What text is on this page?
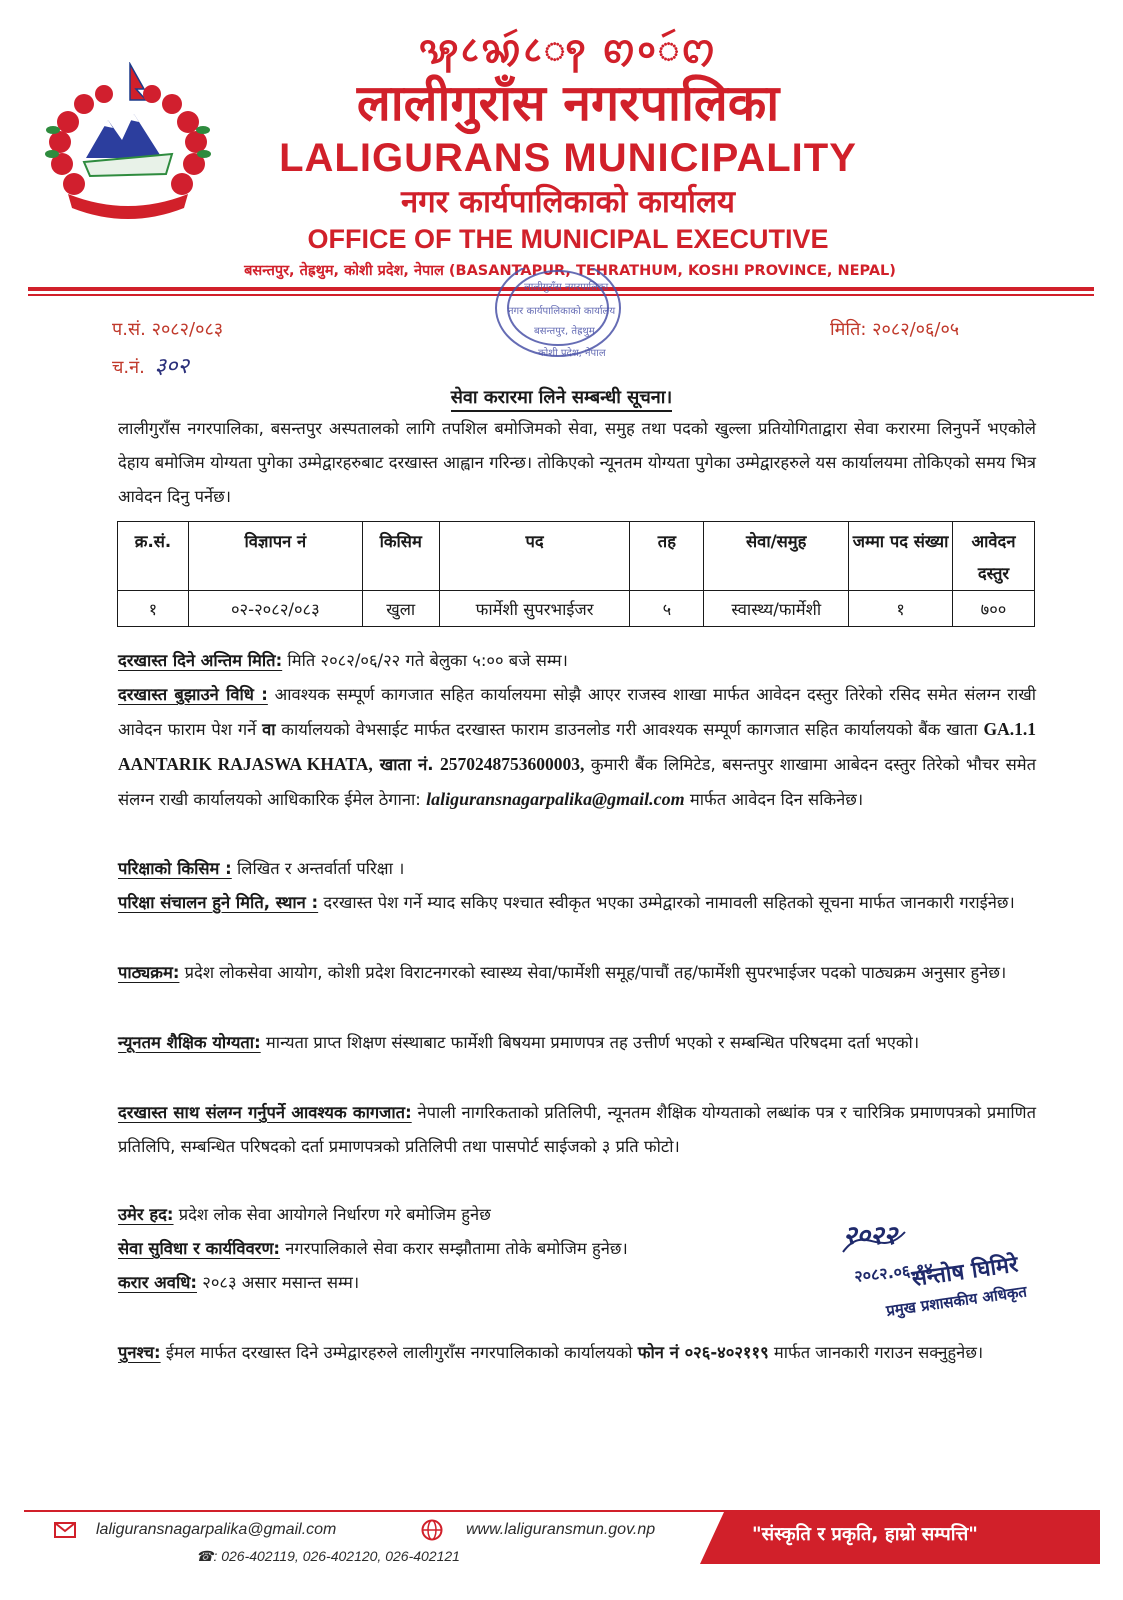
ꩂ८ꩆꩃ८ꩍ ꩅ०ꩃꩁ
लालीगुराँस नगरपालिका
LALIGURANS MUNICIPALITY
नगर कार्यपालिकाको कार्यालय
OFFICE OF THE MUNICIPAL EXECUTIVE
बसन्तपुर, तेह्रथुम, कोशी प्रदेश, नेपाल (BASANTAPUR, TEHRATHUM, KOSHI PROVINCE, NEPAL)
प.सं. २०८२/०८३
च.नं. ३०२
मिति: २०८२/०६/०५
लालीगुराँस नगरपालिका
नगर कार्यपालिकाको कार्यालय
बसन्तपुर, तेह्रथुम
कोशी प्रदेश, नेपाल
सेवा करारमा लिने सम्बन्धी सूचना।

लालीगुराँस नगरपालिका, बसन्तपुर अस्पतालको लागि तपशिल बमोजिमको सेवा, समुह तथा पदको खुल्ला प्रतियोगिताद्वारा सेवा करारमा लिनुपर्ने भएकोले देहाय बमोजिम योग्यता पुगेका उम्मेद्वारहरुबाट दरखास्त आह्वान गरिन्छ। तोकिएको न्यूनतम योग्यता पुगेका उम्मेद्वारहरुले यस कार्यालयमा तोकिएको समय भित्र आवेदन दिनु पर्नेछ।

क्र.सं.	विज्ञापन नं	किसिम	पद	तह	सेवा/समुह	जम्मा पद संख्या	आवेदन दस्तुर
१	०२-२०८२/०८३	खुला	फार्मेशी सुपरभाईजर	५	स्वास्थ्य/फार्मेशी	१	७००

दरखास्त दिने अन्तिम मिति: मिति २०८२/०६/२२ गते बेलुका ५:०० बजे सम्म।

दरखास्त बुझाउने विधि : आवश्यक सम्पूर्ण कागजात सहित कार्यालयमा सोझै आएर राजस्व शाखा मार्फत आवेदन दस्तुर तिरेको रसिद समेत संलग्न राखी आवेदन फाराम पेश गर्ने वा कार्यालयको वेभसाईट मार्फत दरखास्त फाराम डाउनलोड गरी आवश्यक सम्पूर्ण कागजात सहित कार्यालयको बैंक खाता GA.1.1 AANTARIK RAJASWA KHATA, खाता नं. 2570248753600003, कुमारी बैंक लिमिटेड, बसन्तपुर शाखामा आबेदन दस्तुर तिरेको भौचर समेत संलग्न राखी कार्यालयको आधिकारिक ईमेल ठेगाना: laliguransnagarpalika@gmail.com मार्फत आवेदन दिन सकिनेछ।

परिक्षाको किसिम : लिखित र अन्तर्वार्ता परिक्षा ।

परिक्षा संचालन हुने मिति, स्थान : दरखास्त पेश गर्ने म्याद सकिए पश्चात स्वीकृत भएका उम्मेद्वारको नामावली सहितको सूचना मार्फत जानकारी गराईनेछ।

पाठ्यक्रम: प्रदेश लोकसेवा आयोग, कोशी प्रदेश विराटनगरको स्वास्थ्य सेवा/फार्मेशी समूह/पाचौं तह/फार्मेशी सुपरभाईजर पदको पाठ्यक्रम अनुसार हुनेछ।

न्यूनतम शैक्षिक योग्यता: मान्यता प्राप्त शिक्षण संस्थाबाट फार्मेशी बिषयमा प्रमाणपत्र तह उत्तीर्ण भएको र सम्बन्धित परिषदमा दर्ता भएको।

दरखास्त साथ संलग्न गर्नुपर्ने आवश्यक कागजात: नेपाली नागरिकताको प्रतिलिपी, न्यूनतम शैक्षिक योग्यताको लब्धांक पत्र र चारित्रिक प्रमाणपत्रको प्रमाणित प्रतिलिपि, सम्बन्धित परिषदको दर्ता प्रमाणपत्रको प्रतिलिपी तथा पासपोर्ट साईजको ३ प्रति फोटो।

उमेर हद: प्रदेश लोक सेवा आयोगले निर्धारण गरे बमोजिम हुनेछ

सेवा सुविधा र कार्यविवरण: नगरपालिकाले सेवा करार सम्झौतामा तोके बमोजिम हुनेछ।

करार अवधि: २०८३ असार मसान्त सम्म।

२०२२
२०८२.०६.१४
सन्तोष घिमिरे
प्रमुख प्रशासकीय अधिकृत

पुनश्च: ईमल मार्फत दरखास्त दिने उम्मेद्वारहरुले लालीगुराँस नगरपालिकाको कार्यालयको फोन नं ०२६-४०२११९ मार्फत जानकारी गराउन सक्नुहुनेछ।

laliguransnagarpalika@gmail.com	www.laliguransmun.gov.np
☎: 026-402119, 026-402120, 026-402121
"संस्कृति र प्रकृति, हाम्रो सम्पत्ति"
